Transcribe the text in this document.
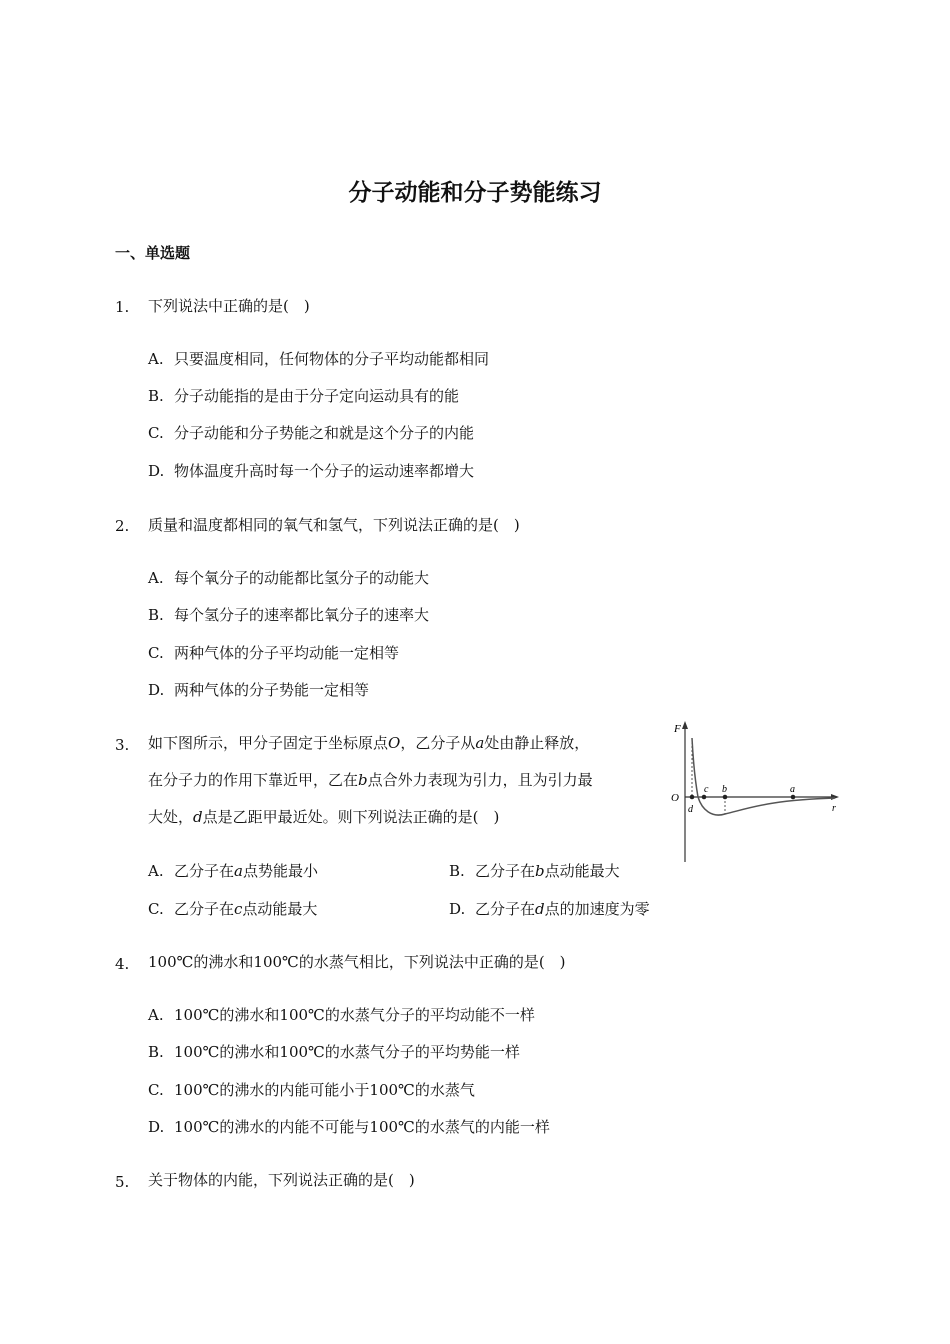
分子动能和分子势能练习
一、单选题
1. 下列说法中正确的是(　)
A. 只要温度相同，任何物体的分子平均动能都相同
B. 分子动能指的是由于分子定向运动具有的能
C. 分子动能和分子势能之和就是这个分子的内能
D. 物体温度升高时每一个分子的运动速率都增大
2. 质量和温度都相同的氧气和氢气，下列说法正确的是(　)
A. 每个氧分子的动能都比氢分子的动能大
B. 每个氢分子的速率都比氧分子的速率大
C. 两种气体的分子平均动能一定相等
D. 两种气体的分子势能一定相等
3. 如下图所示，甲分子固定于坐标原点O，乙分子从a处由静止释放，
在分子力的作用下靠近甲，乙在b点合外力表现为引力，且为引力最
大处，d点是乙距甲最近处。则下列说法正确的是(　)
A. 乙分子在a点势能最小	B. 乙分子在b点动能最大
C. 乙分子在c点动能最大	D. 乙分子在d点的加速度为零
F
r
O
d
c b	a
4. 100℃的沸水和100℃的水蒸气相比，下列说法中正确的是(　)
A. 100℃的沸水和100℃的水蒸气分子的平均动能不一样
B. 100℃的沸水和100℃的水蒸气分子的平均势能一样
C. 100℃的沸水的内能可能小于100℃的水蒸气
D. 100℃的沸水的内能不可能与100℃的水蒸气的内能一样
5. 关于物体的内能，下列说法正确的是(　)
